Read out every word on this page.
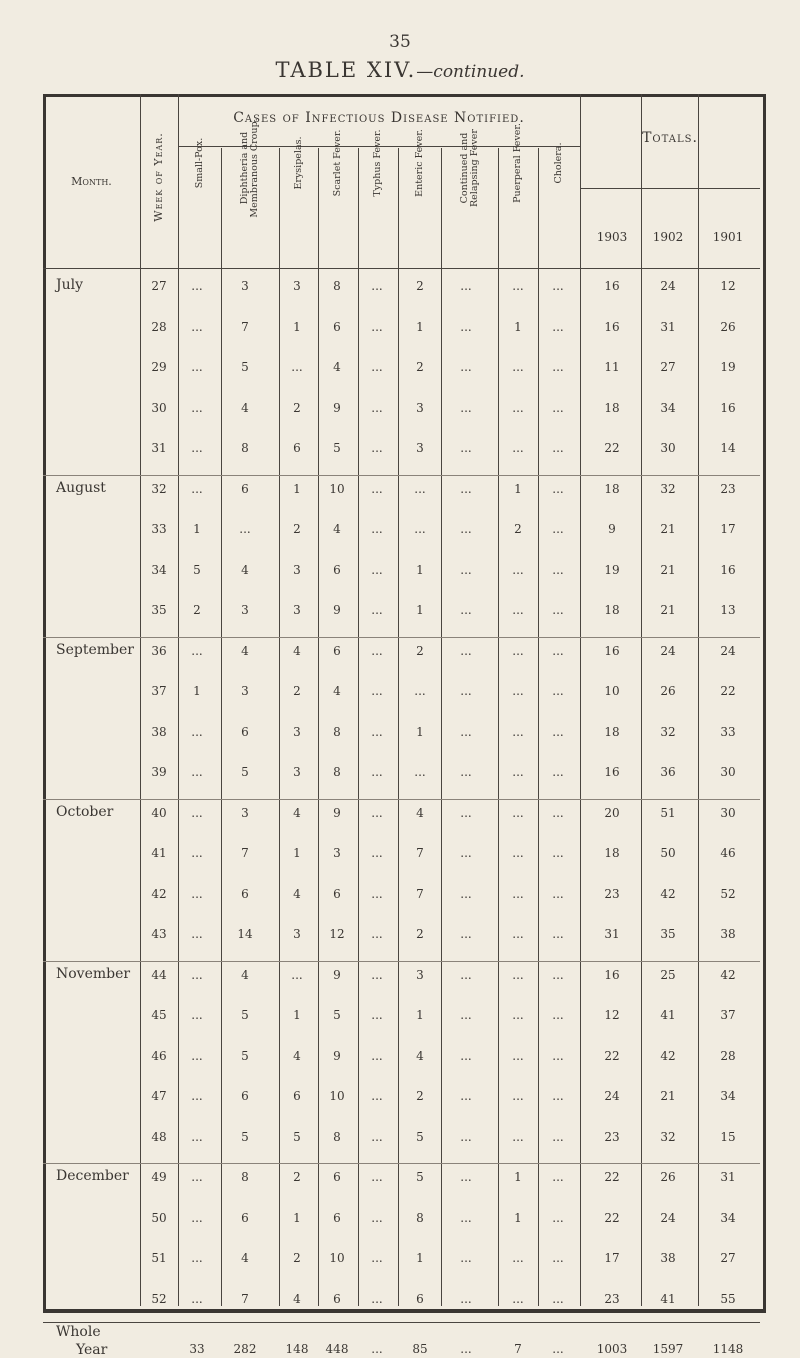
35
TABLE XIV.—continued.
Month.	Week of Year.
Cases of Infectious Disease Notified.
Totals.
Small-Pox.	Diphtheria and Membranous Croup.	Erysipelas.	Scarlet Fever.	Typhus Fever.	Enteric Fever.	Continued and Relapsing Fever	Puerperal Fever.	Cholera.
1903	1902	1901
July	27	...	3	3	8	...	2	...	...	...	16	24	12
28	...	7	1	6	...	1	...	1	...	16	31	26
29	...	5	...	4	...	2	...	...	...	11	27	19
30	...	4	2	9	...	3	...	...	...	18	34	16
31	...	8	6	5	...	3	...	...	...	22	30	14
August	32	...	6	1	10	...	...	...	1	...	18	32	23
33	1	...	2	4	...	...	...	2	...	9	21	17
34	5	4	3	6	...	1	...	...	...	19	21	16
35	2	3	3	9	...	1	...	...	...	18	21	13
September	36	...	4	4	6	...	2	...	...	...	16	24	24
37	1	3	2	4	...	...	...	...	...	10	26	22
38	...	6	3	8	...	1	...	...	...	18	32	33
39	...	5	3	8	...	...	...	...	...	16	36	30
October	40	...	3	4	9	...	4	...	...	...	20	51	30
41	...	7	1	3	...	7	...	...	...	18	50	46
42	...	6	4	6	...	7	...	...	...	23	42	52
43	...	14	3	12	...	2	...	...	...	31	35	38
November	44	...	4	...	9	...	3	...	...	...	16	25	42
45	...	5	1	5	...	1	...	...	...	12	41	37
46	...	5	4	9	...	4	...	...	...	22	42	28
47	...	6	6	10	...	2	...	...	...	24	21	34
48	...	5	5	8	...	5	...	...	...	23	32	15
December	49	...	8	2	6	...	5	...	1	...	22	26	31
50	...	6	1	6	...	8	...	1	...	22	24	34
51	...	4	2	10	...	1	...	...	...	17	38	27
52	...	7	4	6	...	6	...	...	...	23	41	55
Whole
Year	33	282	148	448	...	85	...	7	...	1003	1597	1148
